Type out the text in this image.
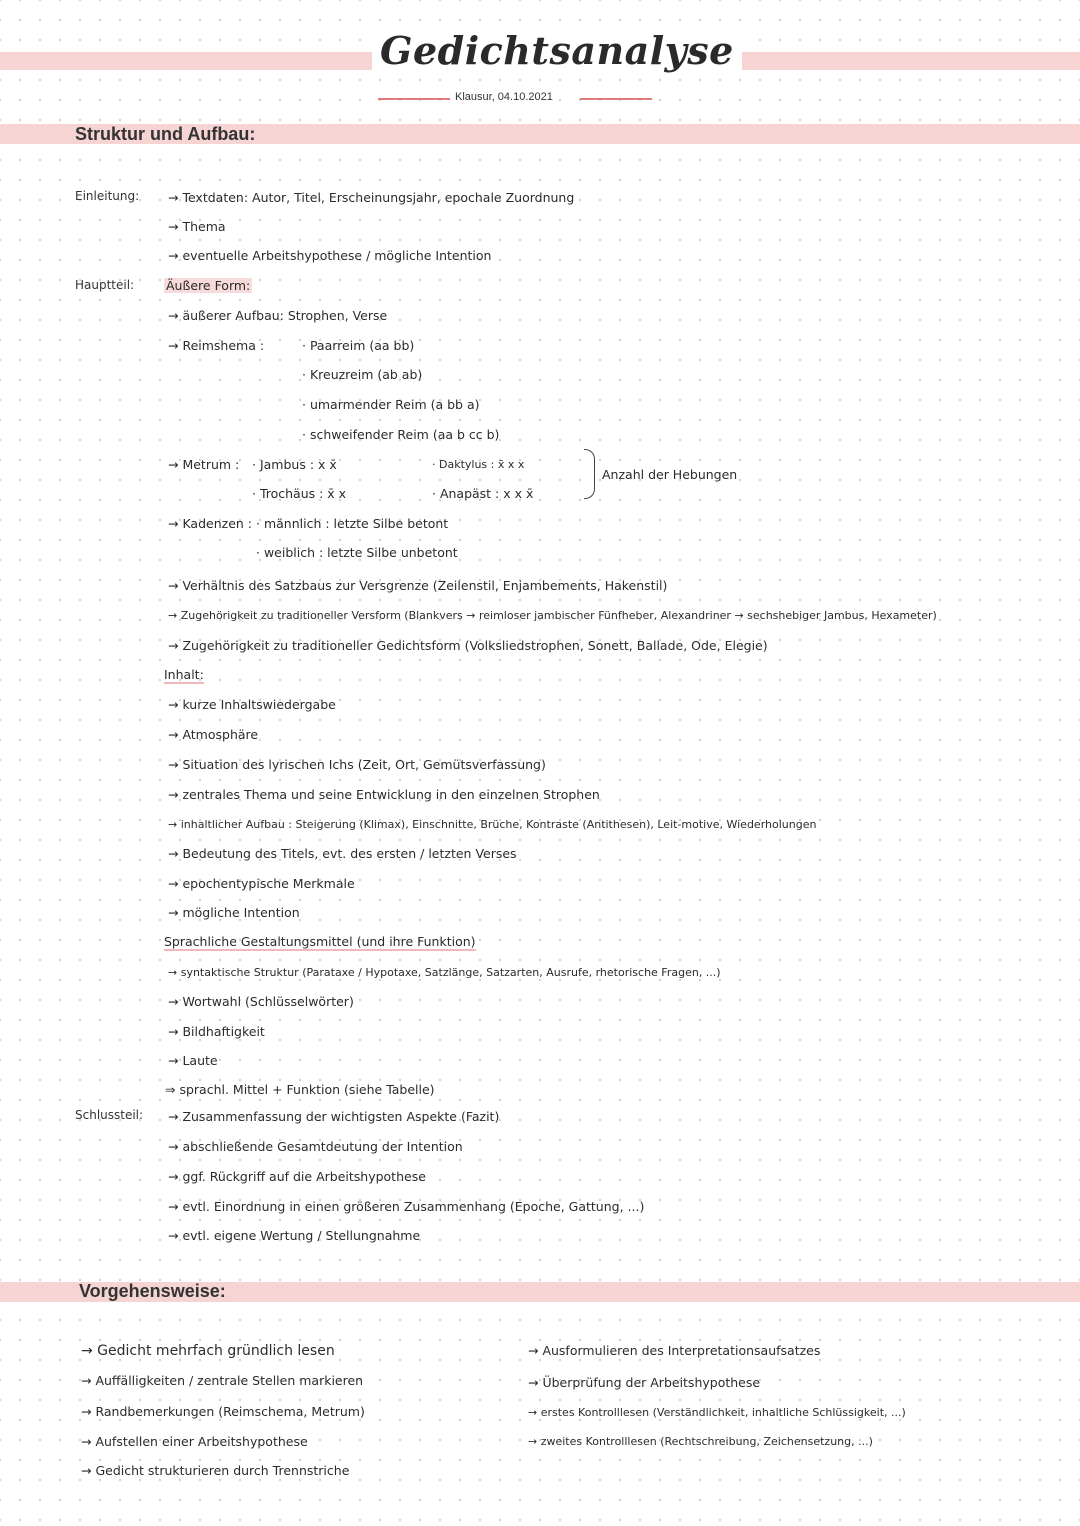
Gedichtsanalyse
Klausur, 04.10.2021
Struktur und Aufbau:
Vorgehensweise:
Einleitung:
Hauptteil:
Schlussteil:
→ Textdaten: Autor, Titel, Erscheinungsjahr, epochale Zuordnung
→ Thema
→ eventuelle Arbeitshypothese / mögliche Intention
Äußere Form:
→ äußerer Aufbau: Strophen, Verse
→ Reimshema :	· Paarreim (aa bb)
· Kreuzreim (ab ab)
· umarmender Reim (a bb a)
· schweifender Reim (aa b cc b)
→ Metrum : · Jambus : x x̄
· Trochäus : x̄ x
· Daktylus : x̄ x x
· Anapäst : x x x̄
Anzahl der Hebungen
→ Kadenzen : · männlich : letzte Silbe betont
· weiblich : letzte Silbe unbetont
→ Verhältnis des Satzbaus zur Versgrenze (Zeilenstil, Enjambements, Hakenstil)
→ Zugehörigkeit zu traditioneller Versform (Blankvers → reimloser jambischer Fünfheber, Alexandriner → sechshebiger Jambus, Hexameter)
→ Zugehörigkeit zu traditioneller Gedichtsform (Volksliedstrophen, Sonett, Ballade, Ode, Elegie)
Inhalt:
→ kurze Inhaltswiedergabe
→ Atmosphäre
→ Situation des lyrischen Ichs (Zeit, Ort, Gemütsverfassung)
→ zentrales Thema und seine Entwicklung in den einzelnen Strophen
→ inhaltlicher Aufbau : Steigerung (Klimax), Einschnitte, Brüche, Kontraste (Antithesen), Leit-motive, Wiederholungen
→ Bedeutung des Titels, evt. des ersten / letzten Verses
→ epochentypische Merkmale
→ mögliche Intention
Sprachliche Gestaltungsmittel (und ihre Funktion)
→ syntaktische Struktur (Parataxe / Hypotaxe, Satzlänge, Satzarten, Ausrufe, rhetorische Fragen, ...)
→ Wortwahl (Schlüsselwörter)
→ Bildhaftigkeit
→ Laute
⇒ sprachl. Mittel + Funktion (siehe Tabelle)
→ Zusammenfassung der wichtigsten Aspekte (Fazit)
→ abschließende Gesamtdeutung der Intention
→ ggf. Rückgriff auf die Arbeitshypothese
→ evtl. Einordnung in einen größeren Zusammenhang (Epoche, Gattung, ...)
→ evtl. eigene Wertung / Stellungnahme
→ Gedicht mehrfach gründlich lesen
→ Auffälligkeiten / zentrale Stellen markieren
→ Randbemerkungen (Reimschema, Metrum)
→ Aufstellen einer Arbeitshypothese
→ Gedicht strukturieren durch Trennstriche
→ Ausformulieren des Interpretationsaufsatzes
→ Überprüfung der Arbeitshypothese
→ erstes Kontrolllesen (Verständlichkeit, inhaltliche Schlüssigkeit, ...)
→ zweites Kontrolllesen (Rechtschreibung, Zeichensetzung, ...)
